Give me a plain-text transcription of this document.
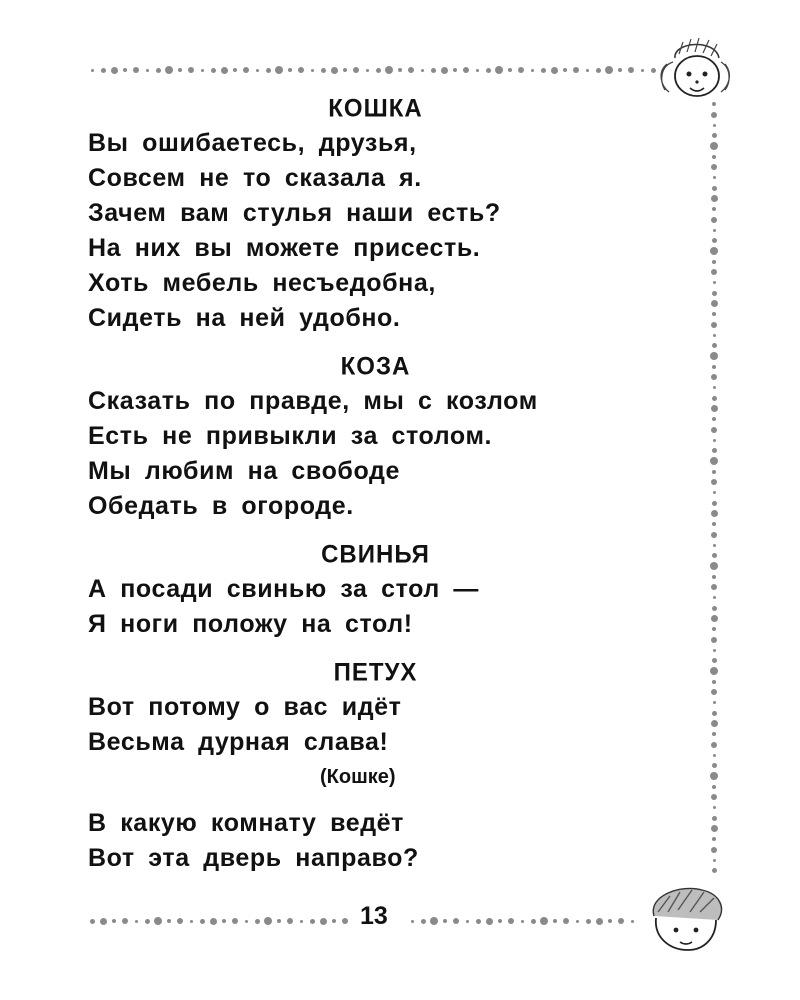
КОШКА

Вы ошибаетесь, друзья,

Совсем не то сказала я.

Зачем вам стулья наши есть?

На них вы можете присесть.

Хоть мебель несъедобна,

Сидеть на ней удобно.

КОЗА

Сказать по правде, мы с козлом

Есть не привыкли за столом.

Мы любим на свободе

Обедать в огороде.

СВИНЬЯ

А посади свинью за стол —

Я ноги положу на стол!

ПЕТУХ

Вот потому о вас идёт

Весьма дурная слава!

(Кошке)

В какую комнату ведёт

Вот эта дверь направо?

13
